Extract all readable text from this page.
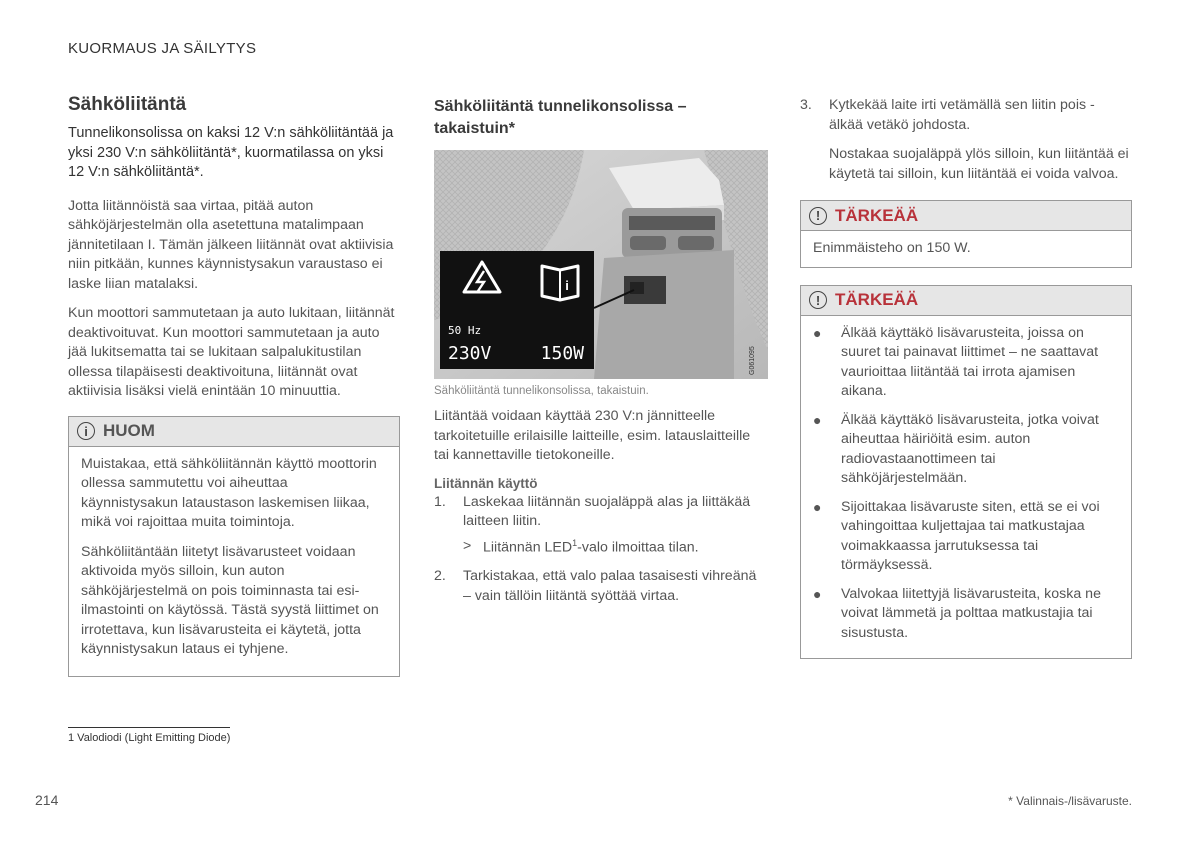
KUORMAUS JA SÄILYTYS
Sähköliitäntä

Tunnelikonsolissa on kaksi 12 V:n sähköliitäntää ja yksi 230 V:n sähköliitäntä*, kuormatilassa on yksi 12 V:n sähköliitäntä*.

Jotta liitännöistä saa virtaa, pitää auton sähköjärjestelmän olla asetettuna matalimpaan jännitetilaan I. Tämän jälkeen liitännät ovat aktiivisia niin pitkään, kunnes käynnistysakun varaustaso ei laske liian matalaksi.

Kun moottori sammutetaan ja auto lukitaan, liitännät deaktivoituvat. Kun moottori sammutetaan ja auto jää lukitsematta tai se lukitaan salpalukitustilan ollessa tilapäisesti deaktivoituna, liitännät ovat aktiivisia lisäksi vielä enintään 10 minuuttia.

i HUOM

Muistakaa, että sähköliitännän käyttö moottorin ollessa sammutettu voi aiheuttaa käynnistysakun lataustason laskemisen liikaa, mikä voi rajoittaa muita toimintoja.

Sähköliitäntään liitetyt lisävarusteet voidaan aktivoida myös silloin, kun auton sähköjärjestelmä on pois toiminnasta tai esi-ilmastointi on käytössä. Tästä syystä liittimet on irrotettava, kun lisävarusteita ei käytetä, jotta käynnistysakun lataus ei tyhjene.

Sähköliitäntä tunnelikonsolissa – takaistuin*
i
50 Hz
230V	150W	G061095
Sähköliitäntä tunnelikonsolissa, takaistuin.

Liitäntää voidaan käyttää 230 V:n jännitteelle tarkoitetuille erilaisille laitteille, esim. latauslaitteille tai kannettaville tietokoneille.

Liitännän käyttö
1.	Laskekaa liitännän suojaläppä alas ja liittäkää laitteen liitin.
> Liitännän LED$^1$-valo ilmoittaa tilan.
2.	Tarkistakaa, että valo palaa tasaisesti vihreänä – vain tällöin liitäntä syöttää virtaa.
3.	Kytkekää laite irti vetämällä sen liitin pois - älkää vetäkö johdosta.

Nostakaa suojaläppä ylös silloin, kun liitäntää ei käytetä tai silloin, kun liitäntää ei voida valvoa.

! TÄRKEÄÄ

Enimmäisteho on 150 W.

! TÄRKEÄÄ
●	Älkää käyttäkö lisävarusteita, joissa on suuret tai painavat liittimet – ne saattavat vaurioittaa liitäntää tai irrota ajamisen aikana.
●	Älkää käyttäkö lisävarusteita, jotka voivat aiheuttaa häiriöitä esim. auton radiovastaanottimeen tai sähköjärjestelmään.
●	Sijoittakaa lisävaruste siten, että se ei voi vahingoittaa kuljettajaa tai matkustajaa voimakkaassa jarrutuksessa tai törmäyksessä.
●	Valvokaa liitettyjä lisävarusteita, koska ne voivat lämmetä ja polttaa matkustajia tai sisustusta.
1 Valodiodi (Light Emitting Diode)
214	* Valinnais-/lisävaruste.
